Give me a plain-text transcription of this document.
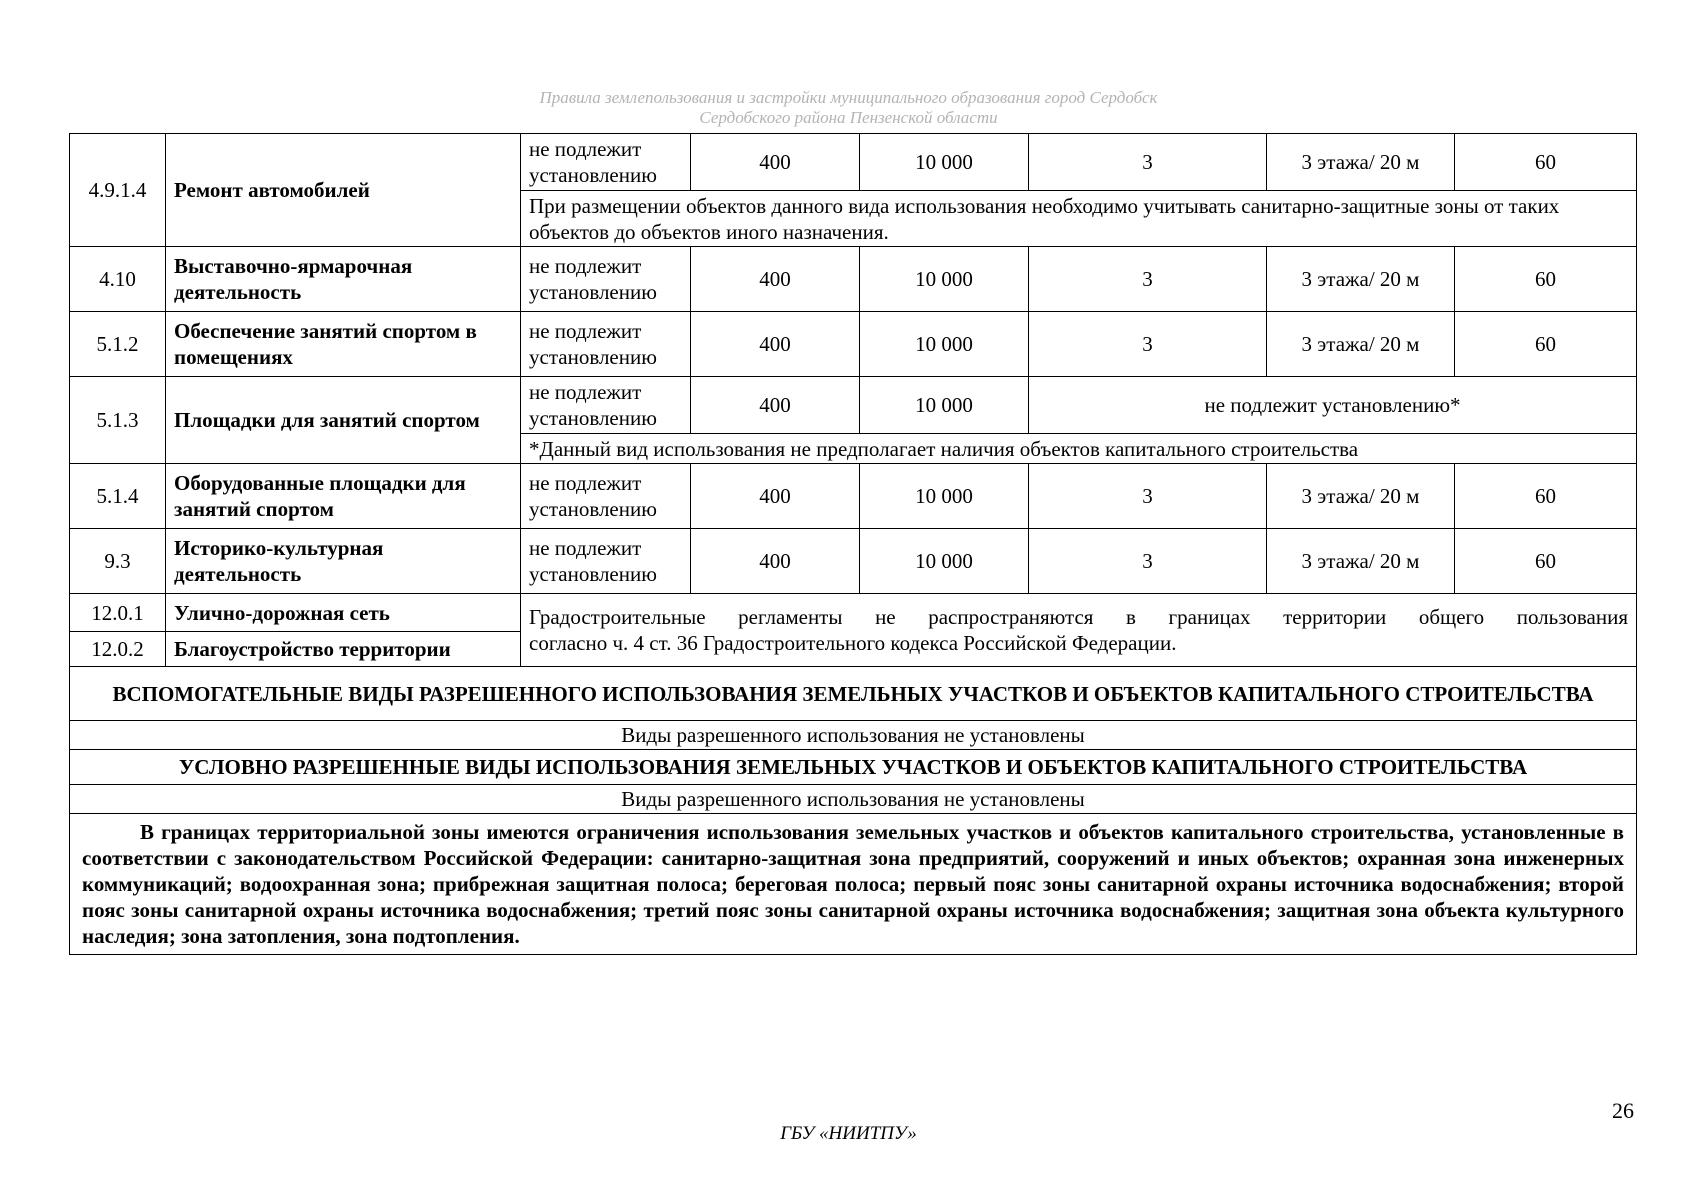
Правила землепользования и застройки муниципального образования город Сердобск
Сердобского района Пензенской области
4.9.1.4	Ремонт автомобилей	не подлежит установлению	400	10 000	3	3 этажа/ 20 м	60
		При размещении объектов данного вида использования необходимо учитывать санитарно-защитные зоны от таких объектов до объектов иного назначения.					
4.10	Выставочно-ярмарочная деятельность	не подлежит установлению	400	10 000	3	3 этажа/ 20 м	60
5.1.2	Обеспечение занятий спортом в помещениях	не подлежит установлению	400	10 000	3	3 этажа/ 20 м	60
5.1.3	Площадки для занятий спортом	не подлежит установлению	400	10 000	не подлежит установлению*		
		*Данный вид использования не предполагает наличия объектов капитального строительства					
5.1.4	Оборудованные площадки для занятий спортом	не подлежит установлению	400	10 000	3	3 этажа/ 20 м	60
9.3	Историко-культурная деятельность	не подлежит установлению	400	10 000	3	3 этажа/ 20 м	60
12.0.1	Улично-дорожная сеть	Градостроительные регламенты не распространяются в границах территории общего пользования
согласно ч. 4 ст. 36 Градостроительного кодекса Российской Федерации.					

12.0.2	Благоустройство территории						
ВСПОМОГАТЕЛЬНЫЕ ВИДЫ РАЗРЕШЕННОГО ИСПОЛЬЗОВАНИЯ ЗЕМЕЛЬНЫХ УЧАСТКОВ И ОБЪЕКТОВ КАПИТАЛЬНОГО СТРОИТЕЛЬСТВА							
Виды разрешенного использования не установлены							
УСЛОВНО РАЗРЕШЕННЫЕ ВИДЫ ИСПОЛЬЗОВАНИЯ ЗЕМЕЛЬНЫХ УЧАСТКОВ И ОБЪЕКТОВ КАПИТАЛЬНОГО СТРОИТЕЛЬСТВА							
Виды разрешенного использования не установлены							
В границах территориальной зоны имеются ограничения использования земельных участков и объектов капитального строительства, установленные в соответствии с законодательством Российской Федерации: санитарно-защитная зона предприятий, сооружений и иных объектов; охранная зона инженерных коммуникаций; водоохранная зона; прибрежная защитная полоса; береговая полоса; первый пояс зоны санитарной охраны источника водоснабжения; второй пояс зоны санитарной охраны источника водоснабжения; третий пояс зоны санитарной охраны источника водоснабжения; защитная зона объекта культурного наследия; зона затопления, зона подтопления.							
26
ГБУ «НИИТПУ»
